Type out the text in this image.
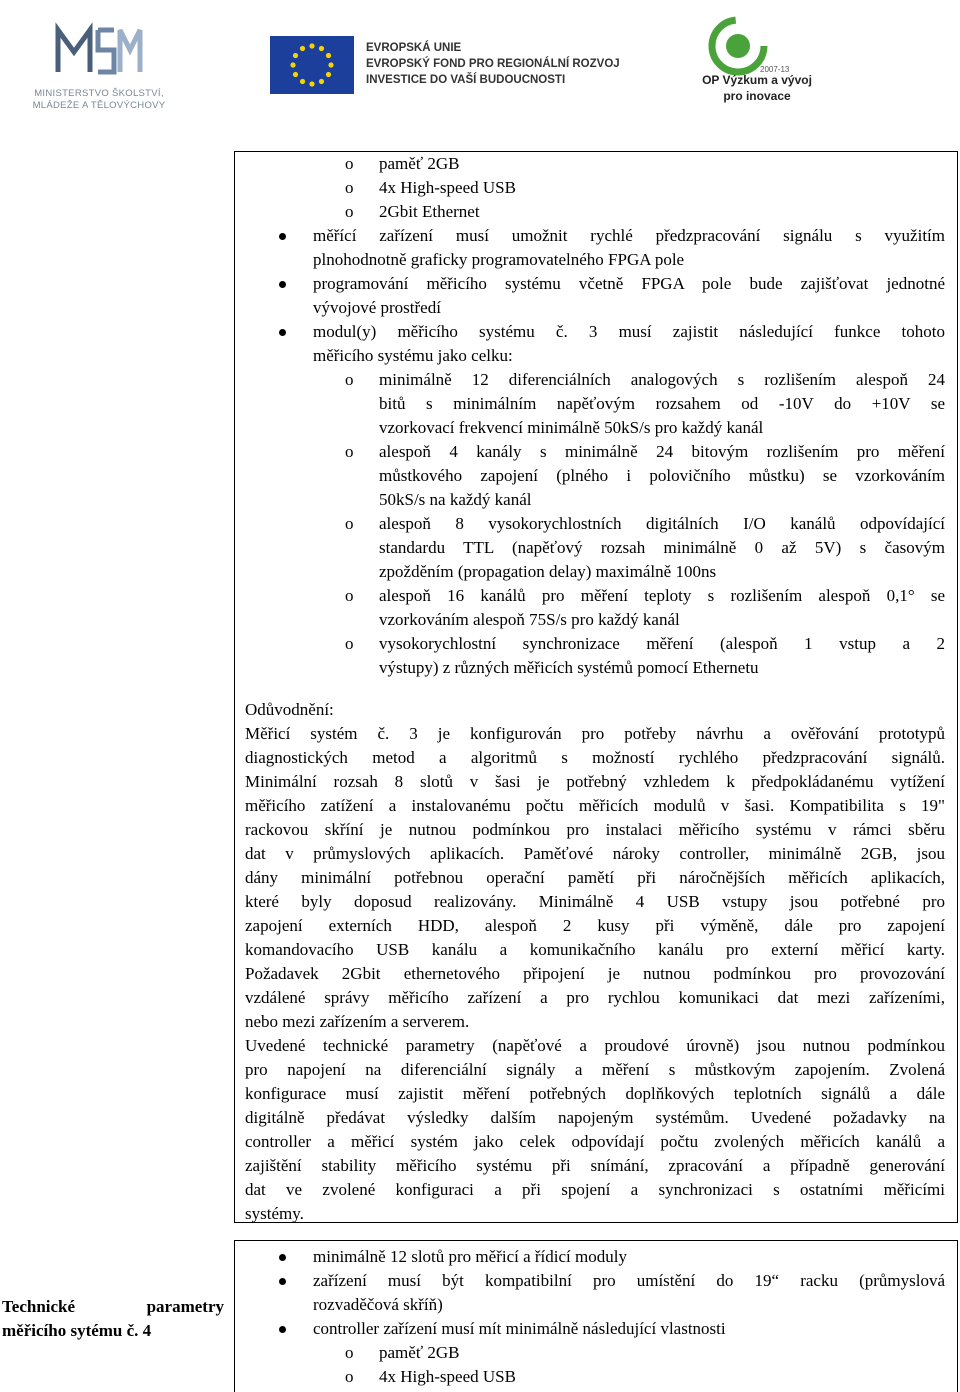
MINISTERSTVO ŠKOLSTVÍ,
MLÁDEŽE A TĚLOVÝCHOVY
EVROPSKÁ UNIE
EVROPSKÝ FOND PRO REGIONÁLNÍ ROZVOJ
INVESTICE DO VAŠÍ BUDOUCNOSTI
2007-13
OP Výzkum a vývoj
pro inovace
o paměť 2GB
o 4x High-speed USB
o 2Gbit Ethernet
měřící zařízení musí umožnit rychlé předzpracování signálu s využitím
plnohodnotně graficky programovatelného FPGA pole
programování měřicího systému včetně FPGA pole bude zajišťovat jednotné
vývojové prostředí
modul(y) měřicího systému č. 3 musí zajistit následující funkce tohoto
měřicího systému jako celku:
o minimálně 12 diferenciálních analogových s rozlišením alespoň 24
bitů s minimálním napěťovým rozsahem od -10V do +10V se
vzorkovací frekvencí minimálně 50kS/s pro každý kanál
o alespoň 4 kanály s minimálně 24 bitovým rozlišením pro měření
můstkového zapojení (plného i polovičního můstku) se vzorkováním
50kS/s na každý kanál
o alespoň 8 vysokorychlostních digitálních I/O kanálů odpovídající
standardu TTL (napěťový rozsah minimálně 0 až 5V) s časovým
zpožděním (propagation delay) maximálně 100ns
o alespoň 16 kanálů pro měření teploty s rozlišením alespoň 0,1° se
vzorkováním alespoň 75S/s pro každý kanál
o vysokorychlostní synchronizace měření (alespoň 1 vstup a 2
výstupy) z různých měřicích systémů pomocí Ethernetu
Odůvodnění:
Měřicí systém č. 3 je konfigurován pro potřeby návrhu a ověřování prototypů
diagnostických metod a algoritmů s možností rychlého předzpracování signálů.
Minimální rozsah 8 slotů v šasi je potřebný vzhledem k předpokládanému vytížení
měřicího zatížení a instalovanému počtu měřicích modulů v šasi. Kompatibilita s 19"
rackovou skříní je nutnou podmínkou pro instalaci měřicího systému v rámci sběru
dat v průmyslových aplikacích. Paměťové nároky controller, minimálně 2GB, jsou
dány minimální potřebnou operační pamětí při náročnějších měřicích aplikacích,
které byly doposud realizovány. Minimálně 4 USB vstupy jsou potřebné pro
zapojení externích HDD, alespoň 2 kusy při výměně, dále pro zapojení
komandovacího USB kanálu a komunikačního kanálu pro externí měřicí karty.
Požadavek 2Gbit ethernetového připojení je nutnou podmínkou pro provozování
vzdálené správy měřicího zařízení a pro rychlou komunikaci dat mezi zařízeními,
nebo mezi zařízením a serverem.
Uvedené technické parametry (napěťové a proudové úrovně) jsou nutnou podmínkou
pro napojení na diferenciální signály a měření s můstkovým zapojením. Zvolená
konfigurace musí zajistit měření potřebných doplňkových teplotních signálů a dále
digitálně předávat výsledky dalším napojeným systémům. Uvedené požadavky na
controller a měřicí systém jako celek odpovídají počtu zvolených měřicích kanálů a
zajištění stability měřicího systému při snímání, zpracování a případně generování
dat ve zvolené konfiguraci a při spojení a synchronizaci s ostatními měřicími
systémy.
Technické parametry
měřicího sytému č. 4
minimálně 12 slotů pro měřicí a řídicí moduly
zařízení musí být kompatibilní pro umístění do 19“ racku (průmyslová
rozvaděčová skříň)
controller zařízení musí mít minimálně následující vlastnosti
o paměť 2GB
o 4x High-speed USB
